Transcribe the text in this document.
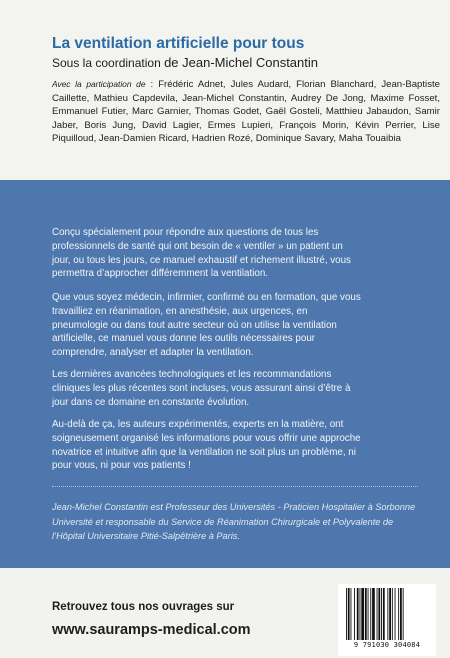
La ventilation artificielle pour tous
Sous la coordination de Jean-Michel Constantin
Avec la participation de : Frédéric Adnet, Jules Audard, Florian Blanchard, Jean-Baptiste Caillette, Mathieu Capdevila, Jean-Michel Constantin, Audrey De Jong, Maxime Fosset, Emmanuel Futier, Marc Garnier, Thomas Godet, Gaël Gosteli, Matthieu Jabaudon, Samir Jaber, Boris Jung, David Lagier, Ermes Lupieri, François Morin, Kévin Perrier, Lise Piquilloud, Jean-Damien Ricard, Hadrien Rozé, Dominique Savary, Maha Touaibia
Conçu spécialement pour répondre aux questions de tous les professionnels de santé qui ont besoin de « ventiler » un patient un jour, ou tous les jours, ce manuel exhaustif et richement illustré, vous permettra d’approcher différemment la ventilation.
Que vous soyez médecin, infirmier, confirmé ou en formation, que vous travailliez en réanimation, en anesthésie, aux urgences, en pneumologie ou dans tout autre secteur où on utilise la ventilation artificielle, ce manuel vous donne les outils nécessaires pour comprendre, analyser et adapter la ventilation.
Les dernières avancées technologiques et les recommandations cliniques les plus récentes sont incluses, vous assurant ainsi d’être à jour dans ce domaine en constante évolution.
Au-delà de ça, les auteurs expérimentés, experts en la matière, ont soigneusement organisé les informations pour vous offrir une approche novatrice et intuitive afin que la ventilation ne soit plus un problème, ni pour vous, ni pour vos patients !
Jean-Michel Constantin est Professeur des Universités - Praticien Hospitalier à Sorbonne Université et responsable du Service de Réanimation Chirurgicale et Polyvalente de l’Hôpital Universitaire Pitié-Salpêtrière à Paris.
Retrouvez tous nos ouvrages sur
www.sauramps-medical.com
9 791030 304084
